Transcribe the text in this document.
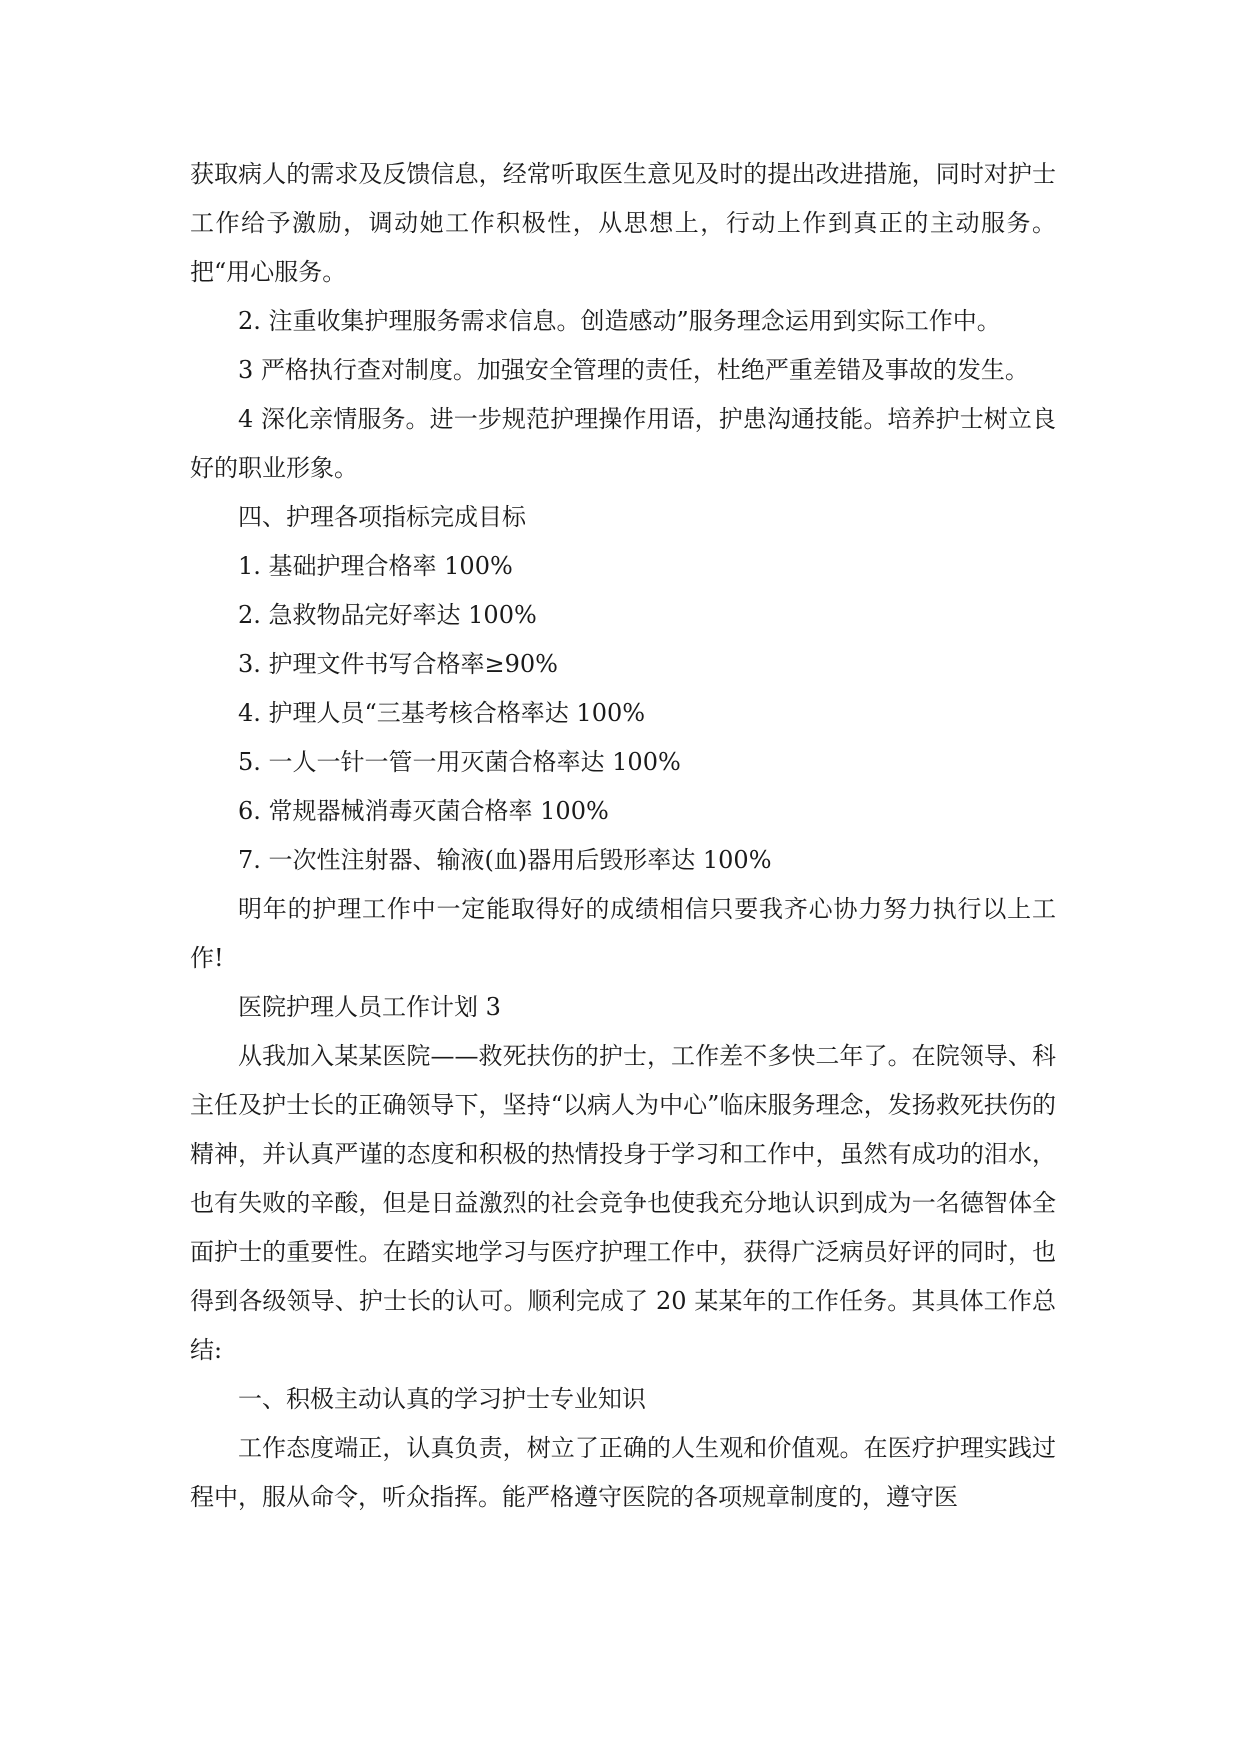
获取病人的需求及反馈信息，经常听取医生意见及时的提出改进措施，同时对护士工作给予激励，调动她工作积极性，从思想上，行动上作到真正的主动服务。把“用心服务。

2. 注重收集护理服务需求信息。创造感动”服务理念运用到实际工作中。

3 严格执行查对制度。加强安全管理的责任，杜绝严重差错及事故的发生。

4 深化亲情服务。进一步规范护理操作用语，护患沟通技能。培养护士树立良好的职业形象。

四、护理各项指标完成目标

1. 基础护理合格率 100%

2. 急救物品完好率达 100%

3. 护理文件书写合格率≥90%

4. 护理人员“三基考核合格率达 100%

5. 一人一针一管一用灭菌合格率达 100%

6. 常规器械消毒灭菌合格率 100%

7. 一次性注射器、输液(血)器用后毁形率达 100%

明年的护理工作中一定能取得好的成绩相信只要我齐心协力努力执行以上工作!

医院护理人员工作计划 3

从我加入某某医院——救死扶伤的护士，工作差不多快二年了。在院领导、科主任及护士长的正确领导下，坚持“以病人为中心”临床服务理念，发扬救死扶伤的精神，并认真严谨的态度和积极的热情投身于学习和工作中，虽然有成功的泪水，也有失败的辛酸，但是日益激烈的社会竞争也使我充分地认识到成为一名德智体全面护士的重要性。在踏实地学习与医疗护理工作中，获得广泛病员好评的同时，也得到各级领导、护士长的认可。顺利完成了 20 某某年的工作任务。其具体工作总结:

一、积极主动认真的学习护士专业知识

工作态度端正，认真负责，树立了正确的人生观和价值观。在医疗护理实践过程中，服从命令，听众指挥。能严格遵守医院的各项规章制度的，遵守医
